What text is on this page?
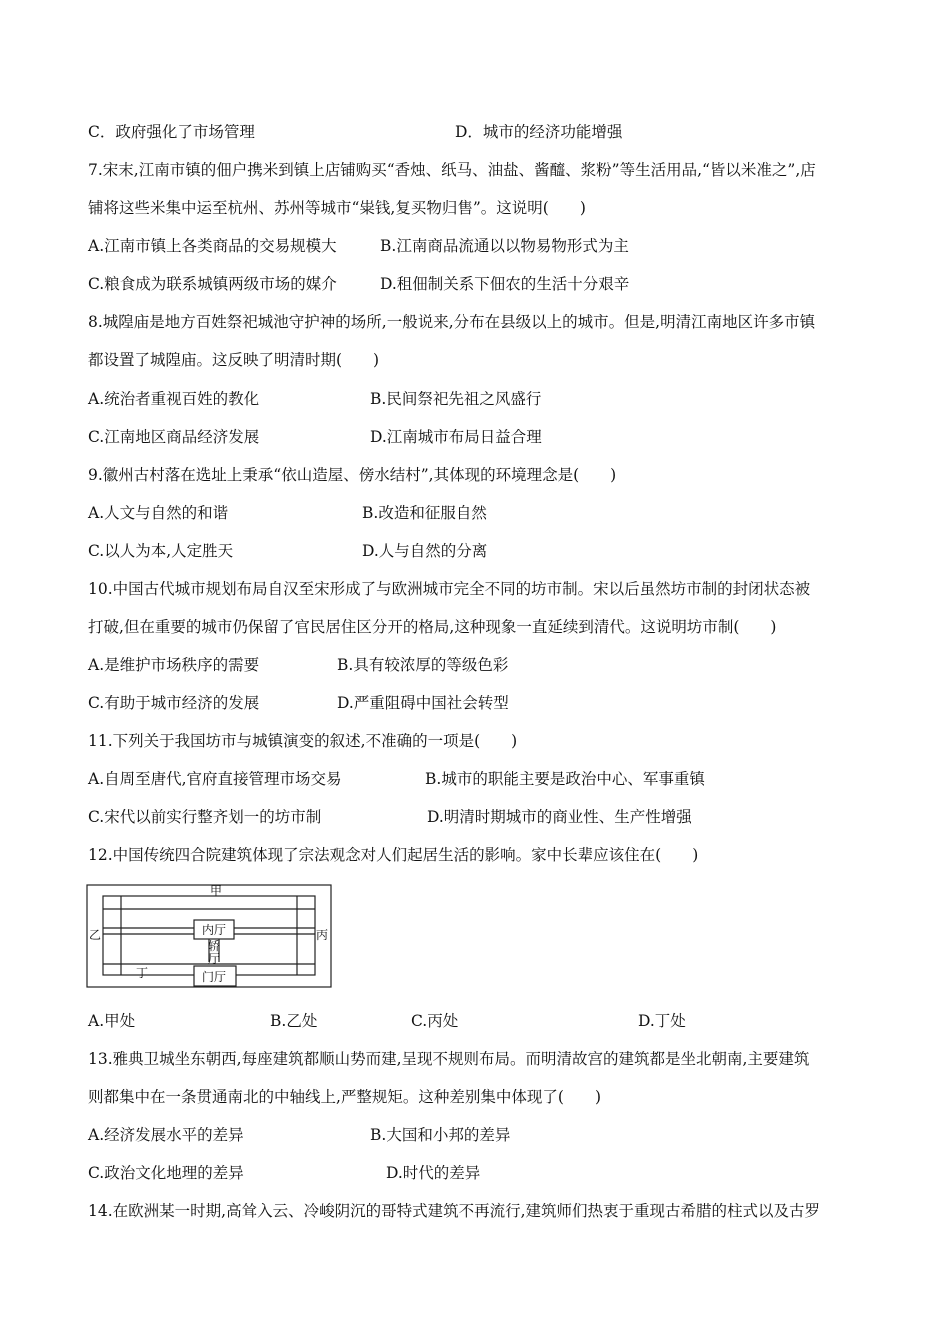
C．政府强化了市场管理	D．城市的经济功能增强
7.宋末,江南市镇的佃户携米到镇上店铺购买“香烛、纸马、油盐、酱醯、浆粉”等生活用品,“皆以米准之”,店
铺将这些米集中运至杭州、苏州等城市“粜钱,复买物归售”。这说明(　　)
A.江南市镇上各类商品的交易规模大	B.江南商品流通以以物易物形式为主
C.粮食成为联系城镇两级市场的媒介	D.租佃制关系下佃农的生活十分艰辛
8.城隍庙是地方百姓祭祀城池守护神的场所,一般说来,分布在县级以上的城市。但是,明清江南地区许多市镇
都设置了城隍庙。这反映了明清时期(　　)
A.统治者重视百姓的教化	B.民间祭祀先祖之风盛行
C.江南地区商品经济发展	D.江南城市布局日益合理
9.徽州古村落在选址上秉承“依山造屋、傍水结村”,其体现的环境理念是(　　)
A.人文与自然的和谐	B.改造和征服自然
C.以人为本,人定胜天	D.人与自然的分离
10.中国古代城市规划布局自汉至宋形成了与欧洲城市完全不同的坊市制。宋以后虽然坊市制的封闭状态被
打破,但在重要的城市仍保留了官民居住区分开的格局,这种现象一直延续到清代。这说明坊市制(　　)
A.是维护市场秩序的需要	B.具有较浓厚的等级色彩
C.有助于城市经济的发展	D.严重阻碍中国社会转型
11.下列关于我国坊市与城镇演变的叙述,不准确的一项是(　　)
A.自周至唐代,官府直接管理市场交易	B.城市的职能主要是政治中心、军事重镇
C.宋代以前实行整齐划一的坊市制	D.明清时期城市的商业性、生产性增强
12.中国传统四合院建筑体现了宗法观念对人们起居生活的影响。家中长辈应该住在(　　)
甲
乙	丙
丁
内厅
轿
厅
门厅
A.甲处	B.乙处	C.丙处	D.丁处
13.雅典卫城坐东朝西,每座建筑都顺山势而建,呈现不规则布局。而明清故宫的建筑都是坐北朝南,主要建筑
则都集中在一条贯通南北的中轴线上,严整规矩。这种差别集中体现了(　　)
A.经济发展水平的差异	B.大国和小邦的差异
C.政治文化地理的差异	D.时代的差异
14.在欧洲某一时期,高耸入云、冷峻阴沉的哥特式建筑不再流行,建筑师们热衷于重现古希腊的柱式以及古罗
